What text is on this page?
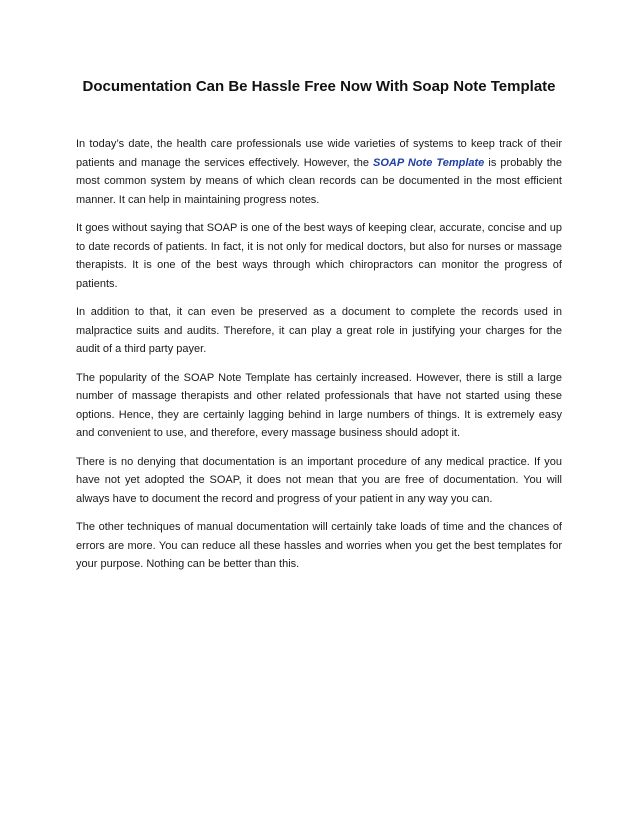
Documentation Can Be Hassle Free Now With Soap Note Template

In today’s date, the health care professionals use wide varieties of systems to keep track of their patients and manage the services effectively. However, the SOAP Note Template is probably the most common system by means of which clean records can be documented in the most efficient manner. It can help in maintaining progress notes.

It goes without saying that SOAP is one of the best ways of keeping clear, accurate, concise and up to date records of patients. In fact, it is not only for medical doctors, but also for nurses or massage therapists. It is one of the best ways through which chiropractors can monitor the progress of patients.

In addition to that, it can even be preserved as a document to complete the records used in malpractice suits and audits. Therefore, it can play a great role in justifying your charges for the audit of a third party payer.

The popularity of the SOAP Note Template has certainly increased. However, there is still a large number of massage therapists and other related professionals that have not started using these options. Hence, they are certainly lagging behind in large numbers of things. It is extremely easy and convenient to use, and therefore, every massage business should adopt it.

There is no denying that documentation is an important procedure of any medical practice. If you have not yet adopted the SOAP, it does not mean that you are free of documentation. You will always have to document the record and progress of your patient in any way you can.

The other techniques of manual documentation will certainly take loads of time and the chances of errors are more. You can reduce all these hassles and worries when you get the best templates for your purpose. Nothing can be better than this.
